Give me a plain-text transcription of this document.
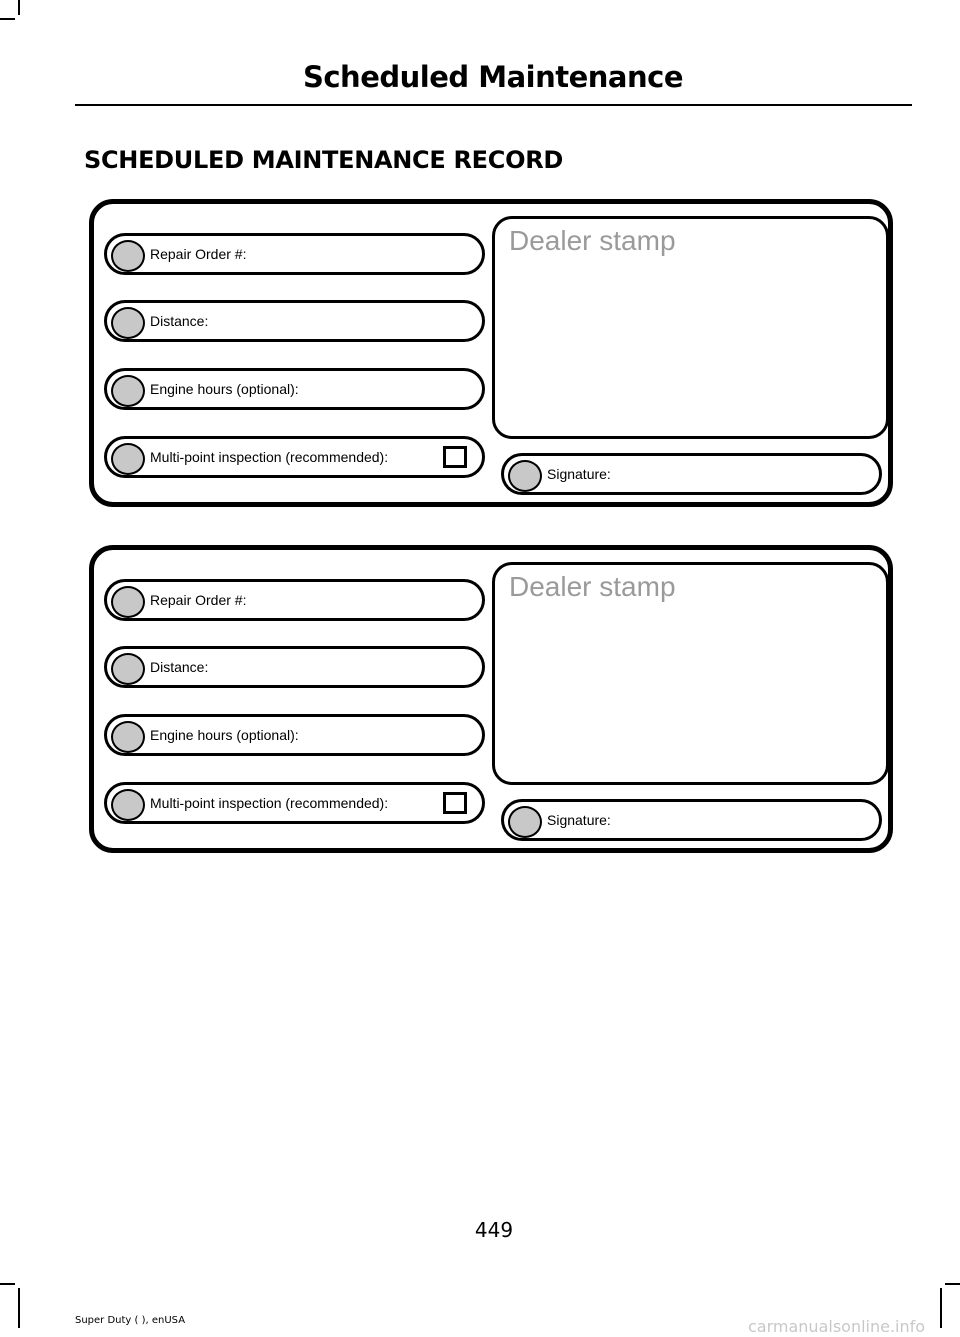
Scheduled Maintenance
SCHEDULED MAINTENANCE RECORD
Repair Order #:
Distance:
Engine hours (optional):
Multi-point inspection (recommended):
Dealer stamp
Signature:
Repair Order #:
Distance:
Engine hours (optional):
Multi-point inspection (recommended):
Dealer stamp
Signature:
449
Super Duty ( ), enUSA	carmanualsonline.info
